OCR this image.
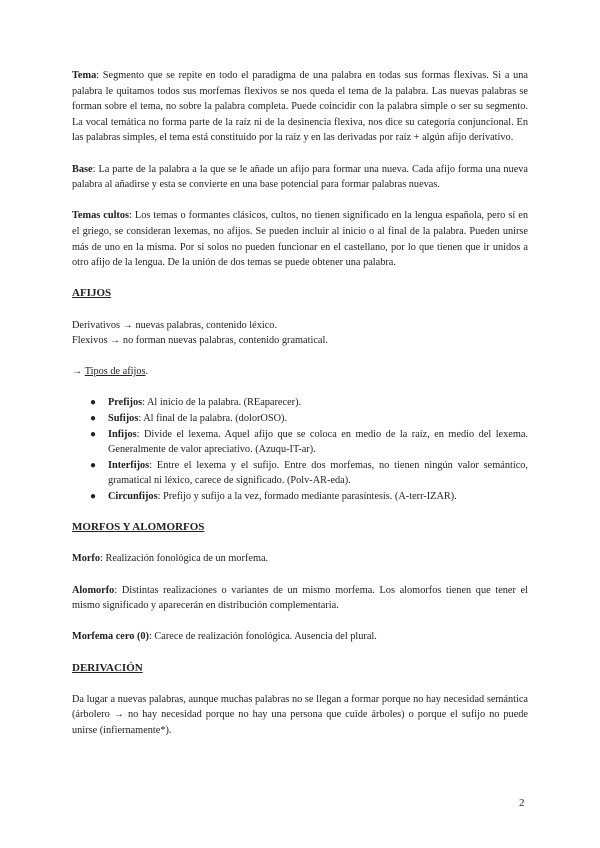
Tema: Segmento que se repite en todo el paradigma de una palabra en todas sus formas flexivas. Si a una palabra le quitamos todos sus morfemas flexivos se nos queda el tema de la palabra. Las nuevas palabras se forman sobre el tema, no sobre la palabra completa. Puede coincidir con la palabra simple o ser su segmento. La vocal temática no forma parte de la raíz ni de la desinencia flexiva, nos dice su categoría conjuncional. En las palabras simples, el tema está constituido por la raíz y en las derivadas por raíz + algún afijo derivativo.

Base: La parte de la palabra a la que se le añade un afijo para formar una nueva. Cada afijo forma una nueva palabra al añadirse y esta se convierte en una base potencial para formar palabras nuevas.

Temas cultos: Los temas o formantes clásicos, cultos, no tienen significado en la lengua española, pero sí en el griego, se consideran lexemas, no afijos. Se pueden incluir al inicio o al final de la palabra. Pueden unirse más de uno en la misma. Por sí solos no pueden funcionar en el castellano, por lo que tienen que ir unidos a otro afijo de la lengua. De la unión de dos temas se puede obtener una palabra.

AFIJOS

Derivativos → nuevas palabras, contenido léxico.

Flexivos → no forman nuevas palabras, contenido gramatical.

→ Tipos de afijos.

● Prefijos: Al inicio de la palabra. (REaparecer).
● Sufijos: Al final de la palabra. (dolorOSO).
● Infijos: Divide el lexema. Aquel afijo que se coloca en medio de la raíz, en medio del lexema. Generalmente de valor apreciativo. (Azuqu-IT-ar).
● Interfijos: Entre el lexema y el sufijo. Entre dos morfemas, no tienen ningún valor semántico, gramatical ni léxico, carece de significado. (Polv-AR-eda).
● Circunfijos: Prefijo y sufijo a la vez, formado mediante parasíntesis. (A-terr-IZAR).

MORFOS Y ALOMORFOS

Morfo: Realización fonológica de un morfema.

Alomorfo: Distintas realizaciones o variantes de un mismo morfema. Los alomorfos tienen que tener el mismo significado y aparecerán en distribución complementaria.

Morfema cero (0): Carece de realización fonológica. Ausencia del plural.

DERIVACIÓN

Da lugar a nuevas palabras, aunque muchas palabras no se llegan a formar porque no hay necesidad semántica (árbolero → no hay necesidad porque no hay una persona que cuide árboles) o porque el sufijo no puede unirse (infiernamente*).

2
